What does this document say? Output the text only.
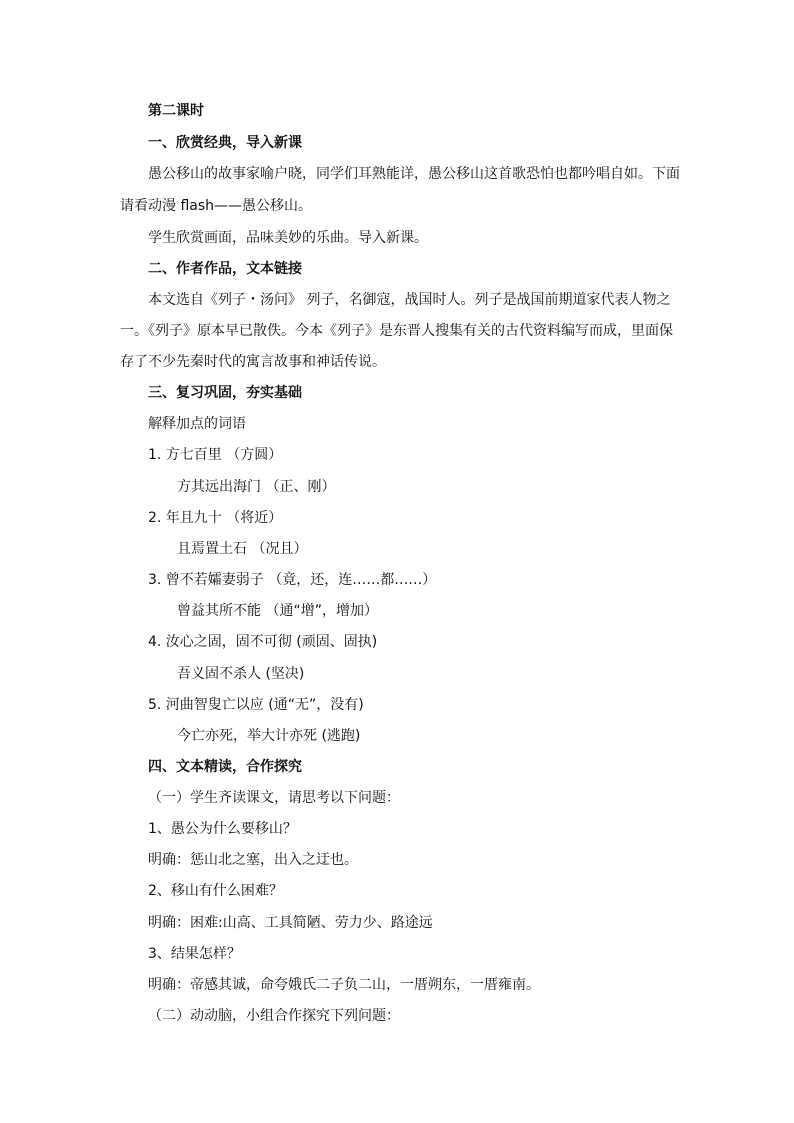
第二课时
一、欣赏经典，导入新课
愚公移山的故事家喻户晓，同学们耳熟能详，愚公移山这首歌恐怕也都吟唱自如。下面
请看动漫 flash——愚公移山。
学生欣赏画面，品味美妙的乐曲。导入新课。
二、作者作品，文本链接
本文选自《列子・汤问》 列子，名御寇，战国时人。列子是战国前期道家代表人物之
一。《列子》原本早已散佚。今本《列子》是东晋人搜集有关的古代资料编写而成，里面保
存了不少先秦时代的寓言故事和神话传说。
三、复习巩固，夯实基础
解释加点的词语
1. 方七百里 （方圆）
方其远出海门 （正、刚）
2. 年且九十 （将近）
且焉置土石 （况且）
3. 曾不若孀妻弱子 （竟，还，连……都……）
曾益其所不能 （通“增”，增加）
4. 汝心之固，固不可彻 (顽固、固执)
吾义固不杀人 (坚决)
5. 河曲智叟亡以应 (通“无”，没有)
今亡亦死，举大计亦死 (逃跑)
四、文本精读，合作探究
（一）学生齐读课文，请思考以下问题：
1、愚公为什么要移山？
明确：惩山北之塞，出入之迂也。
2、移山有什么困难？
明确：困难:山高、工具简陋、劳力少、路途远
3、结果怎样？
明确：帝感其诚，命夸娥氏二子负二山，一厝朔东，一厝雍南。
（二）动动脑，小组合作探究下列问题：
